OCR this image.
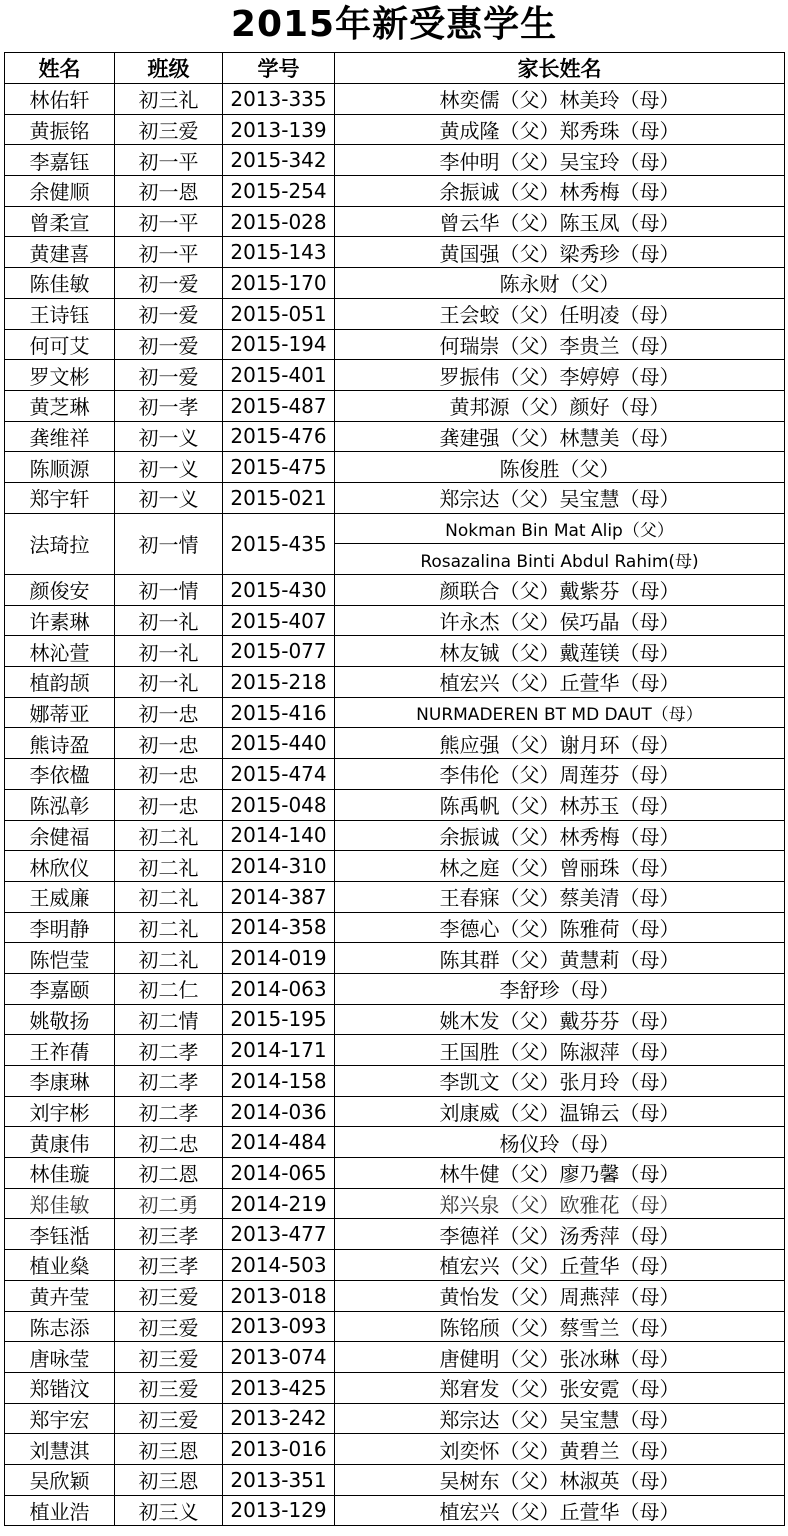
2015年新受惠学生
姓名	班级	学号	家长姓名
林佑轩	初三礼	2013-335	林奕儒（父）林美玲（母）
黄振铭	初三爱	2013-139	黄成隆（父）郑秀珠（母）
李嘉钰	初一平	2015-342	李仲明（父）吴宝玲（母）
余健顺	初一恩	2015-254	余振诚（父）林秀梅（母）
曾柔宣	初一平	2015-028	曾云华（父）陈玉凤（母）
黄建喜	初一平	2015-143	黄国强（父）梁秀珍（母）
陈佳敏	初一爱	2015-170	陈永财（父）
王诗钰	初一爱	2015-051	王会蛟（父）任明凌（母）
何可艾	初一爱	2015-194	何瑞崇（父）李贵兰（母）
罗文彬	初一爱	2015-401	罗振伟（父）李婷婷（母）
黄芝琳	初一孝	2015-487	黄邦源（父）颜好（母）
龚维祥	初一义	2015-476	龚建强（父）林慧美（母）
陈顺源	初一义	2015-475	陈俊胜（父）
郑宇轩	初一义	2015-021	郑宗达（父）吴宝慧（母）
法琦拉	初一情	2015-435	Nokman Bin Mat Alip（父）
			Rosazalina Binti Abdul Rahim(母)
颜俊安	初一情	2015-430	颜联合（父）戴紫芬（母）
许素琳	初一礼	2015-407	许永杰（父）侯巧晶（母）
林沁萱	初一礼	2015-077	林友铖（父）戴莲镁（母）
植韵颉	初一礼	2015-218	植宏兴（父）丘萱华（母）
娜蒂亚	初一忠	2015-416	NURMADEREN BT MD DAUT（母）
熊诗盈	初一忠	2015-440	熊应强（父）谢月环（母）
李依楹	初一忠	2015-474	李伟伦（父）周莲芬（母）
陈泓彰	初一忠	2015-048	陈禹帆（父）林苏玉（母）
余健福	初二礼	2014-140	余振诚（父）林秀梅（母）
林欣仪	初二礼	2014-310	林之庭（父）曾丽珠（母）
王威廉	初二礼	2014-387	王春寐（父）蔡美清（母）
李明静	初二礼	2014-358	李德心（父）陈雅荷（母）
陈恺莹	初二礼	2014-019	陈其群（父）黄慧莉（母）
李嘉颐	初二仁	2014-063	李舒珍（母）
姚敬扬	初二情	2015-195	姚木发（父）戴芬芬（母）
王祚蒨	初二孝	2014-171	王国胜（父）陈淑萍（母）
李康琳	初二孝	2014-158	李凯文（父）张月玲（母）
刘宇彬	初二孝	2014-036	刘康威（父）温锦云（母）
黄康伟	初二忠	2014-484	杨仪玲（母）
林佳璇	初二恩	2014-065	林牛健（父）廖乃馨（母）
郑佳敏	初二勇	2014-219	郑兴泉（父）欧雅花（母）
李钰湉	初三孝	2013-477	李德祥（父）汤秀萍（母）
植业燊	初三孝	2014-503	植宏兴（父）丘萱华（母）
黄卉莹	初三爱	2013-018	黄怡发（父）周燕萍（母）
陈志添	初三爱	2013-093	陈铭颀（父）蔡雪兰（母）
唐咏莹	初三爱	2013-074	唐健明（父）张冰琳（母）
郑锴汶	初三爱	2013-425	郑宭发（父）张安霓（母）
郑宇宏	初三爱	2013-242	郑宗达（父）吴宝慧（母）
刘慧淇	初三恩	2013-016	刘奕怀（父）黄碧兰（母）
吴欣颖	初三恩	2013-351	吴树东（父）林淑英（母）
植业浩	初三义	2013-129	植宏兴（父）丘萱华（母）
